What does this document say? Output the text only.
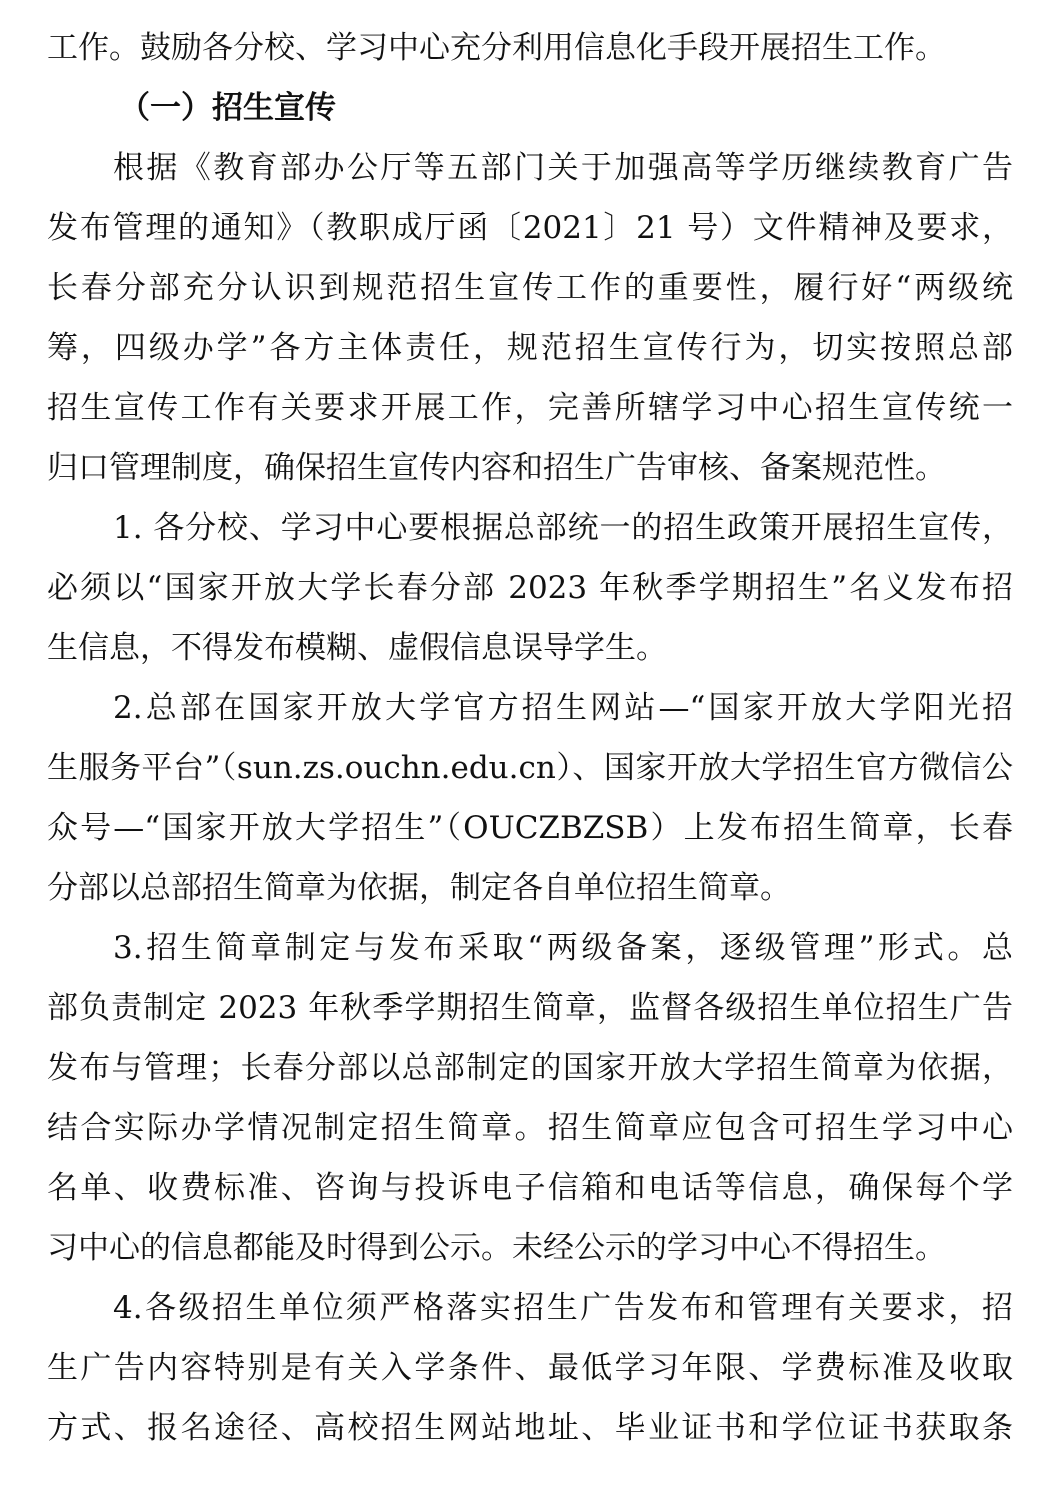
工作。鼓励各分校、学习中心充分利用信息化手段开展招生工作。
（一）招生宣传
根据《教育部办公厅等五部门关于加强高等学历继续教育广告
发布管理的通知》（教职成厅函〔2021〕21 号）文件精神及要求，
长春分部充分认识到规范招生宣传工作的重要性，履行好“两级统
筹，四级办学”各方主体责任，规范招生宣传行为，切实按照总部
招生宣传工作有关要求开展工作，完善所辖学习中心招生宣传统一
归口管理制度，确保招生宣传内容和招生广告审核、备案规范性。
1. 各分校、学习中心要根据总部统一的招生政策开展招生宣传，
必须以“国家开放大学长春分部 2023 年秋季学期招生”名义发布招
生信息，不得发布模糊、虚假信息误导学生。
2.总部在国家开放大学官方招生网站—“国家开放大学阳光招
生服务平台”（sun.zs.ouchn.edu.cn）、国家开放大学招生官方微信公
众号—“国家开放大学招生”（OUCZBZSB）上发布招生简章，长春
分部以总部招生简章为依据，制定各自单位招生简章。
3.招生简章制定与发布采取“两级备案，逐级管理”形式。总
部负责制定 2023 年秋季学期招生简章，监督各级招生单位招生广告
发布与管理；长春分部以总部制定的国家开放大学招生简章为依据，
结合实际办学情况制定招生简章。招生简章应包含可招生学习中心
名单、收费标准、咨询与投诉电子信箱和电话等信息，确保每个学
习中心的信息都能及时得到公示。未经公示的学习中心不得招生。
4.各级招生单位须严格落实招生广告发布和管理有关要求，招
生广告内容特别是有关入学条件、最低学习年限、学费标准及收取
方式、报名途径、高校招生网站地址、毕业证书和学位证书获取条
